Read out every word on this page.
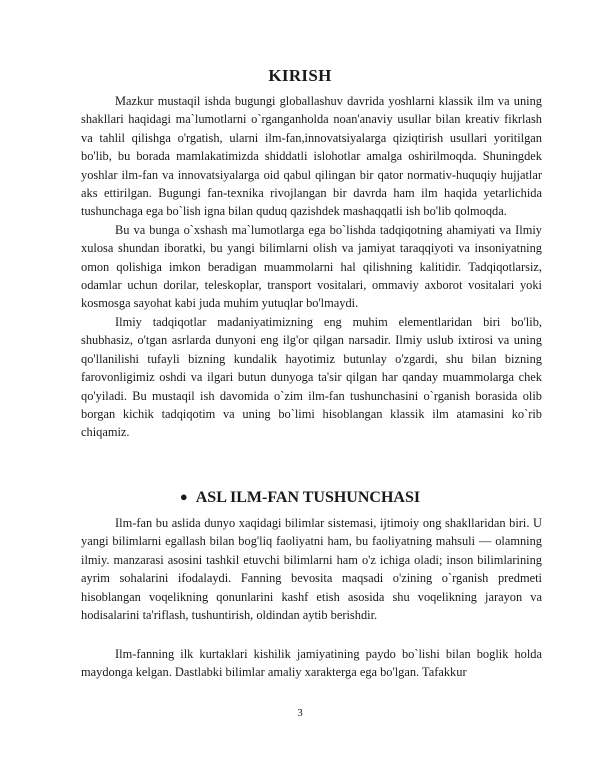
KIRISH

Mazkur mustaqil ishda bugungi globallashuv davrida yoshlarni klassik ilm va uning shakllari haqidagi ma`lumotlarni o`rganganholda noan'anaviy usullar bilan kreativ fikrlash va tahlil qilishga o'rgatish, ularni ilm-fan,innovatsiyalarga qiziqtirish usullari yoritilgan bo'lib, bu borada mamlakatimizda shiddatli islohotlar amalga oshirilmoqda. Shuningdek yoshlar ilm-fan va innovatsiyalarga oid qabul qilingan bir qator normativ-huquqiy hujjatlar aks ettirilgan. Bugungi fan-texnika rivojlangan bir davrda ham ilm haqida yetarlichida tushunchaga ega bo`lish igna bilan quduq qazishdek mashaqqatli ish bo'lib qolmoqda.

Bu va bunga o`xshash ma`lumotlarga ega bo`lishda tadqiqotning ahamiyati va Ilmiy xulosa shundan iboratki, bu yangi bilimlarni olish va jamiyat taraqqiyoti va insoniyatning omon qolishiga imkon beradigan muammolarni hal qilishning kalitidir. Tadqiqotlarsiz, odamlar uchun dorilar, teleskoplar, transport vositalari, ommaviy axborot vositalari yoki kosmosga sayohat kabi juda muhim yutuqlar bo'lmaydi.

Ilmiy tadqiqotlar madaniyatimizning eng muhim elementlaridan biri bo'lib, shubhasiz, o'tgan asrlarda dunyoni eng ilg'or qilgan narsadir. Ilmiy uslub ixtirosi va uning qo'llanilishi tufayli bizning kundalik hayotimiz butunlay o'zgardi, shu bilan bizning farovonligimiz oshdi va ilgari butun dunyoga ta'sir qilgan har qanday muammolarga chek qo'yiladi. Bu mustaqil ish davomida o`zim ilm-fan tushunchasini o`rganish borasida olib borgan kichik tadqiqotim va uning bo`limi hisoblangan klassik ilm atamasini ko`rib chiqamiz.

● ASL ILM-FAN TUSHUNCHASI

Ilm-fan bu aslida dunyo xaqidagi bilimlar sistemasi, ijtimoiy ong shakllaridan biri. U yangi bilimlarni egallash bilan bog'liq faoliyatni ham, bu faoliyatning mahsuli — olamning ilmiy. manzarasi asosini tashkil etuvchi bilimlarni ham o'z ichiga oladi; inson bilimlarining ayrim sohalarini ifodalaydi. Fanning bevosita maqsadi o'zining o`rganish predmeti hisoblangan voqelikning qonunlarini kashf etish asosida shu voqelikning jarayon va hodisalarini ta'riflash, tushuntirish, oldindan aytib berishdir.

Ilm-fanning ilk kurtaklari kishilik jamiyatining paydo bo`lishi bilan boglik holda maydonga kelgan. Dastlabki bilimlar amaliy xarakterga ega bo'lgan. Tafakkur

3
